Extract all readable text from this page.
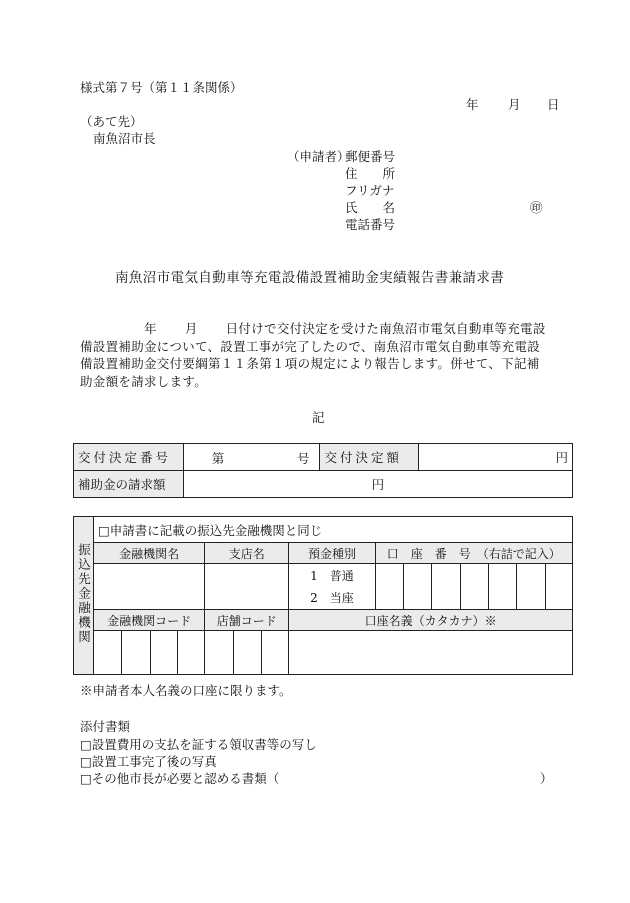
様式第７号（第１１条関係）
年 月 日
（あて先）
南魚沼市長
（申請者）
郵便番号
住　　所
フリガナ
氏　　名	㊞
電話番号
南魚沼市電気自動車等充電設備設置補助金実績報告書兼請求書
年 月 日付けで交付決定を受けた南魚沼市電気自動車等充電設
備設置補助金について、設置工事が完了したので、南魚沼市電気自動車等充電設
備設置補助金交付要綱第１１条第１項の規定により報告します。併せて、下記補
助金額を請求します。
記
交付決定番号	第 号	交付決定額	円
補助金の請求額	円		
振込先金融機関	□申請書に記載の振込先金融機関と同じ														
	金融機関名				支店名			預金種別	口　座　番　号　（右詰で記入）						

								1　普通
2　当座							

	金融機関コード				店舗コード			口座名義（カタカナ）※							

※申請者本人名義の口座に限ります。
添付書類
□設置費用の支払を証する領収書等の写し
□設置工事完了後の写真
□その他市長が必要と認める書類（	）
